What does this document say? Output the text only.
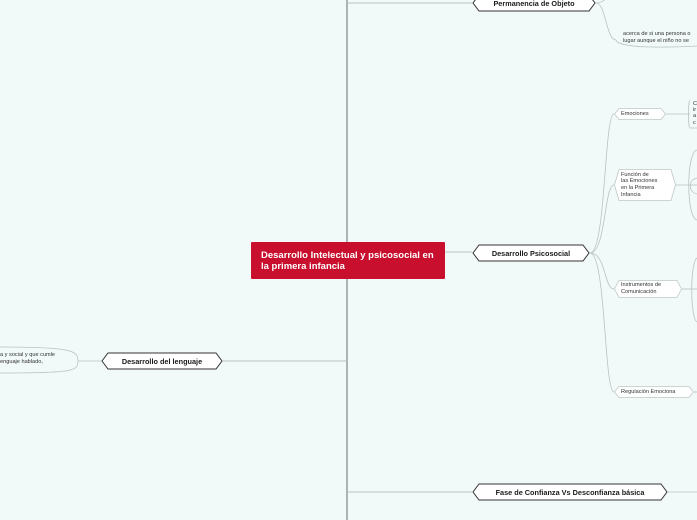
Desarrollo Intelectual y psicosocial en la primera infancia
Permanencia de Objeto
Desarrollo Psicosocial
Desarrollo del lenguaje
Fase de Confianza Vs Desconfianza básica
Emociones
Función de
las Emociones
en la Primera
Infancia
Instrumentos de
Comunicación
Regulación Emociona
acerca de si una persona o
lugar aunque el niño no se
a y social y que cumle
enguaje hablado,
C
ir
a
c
